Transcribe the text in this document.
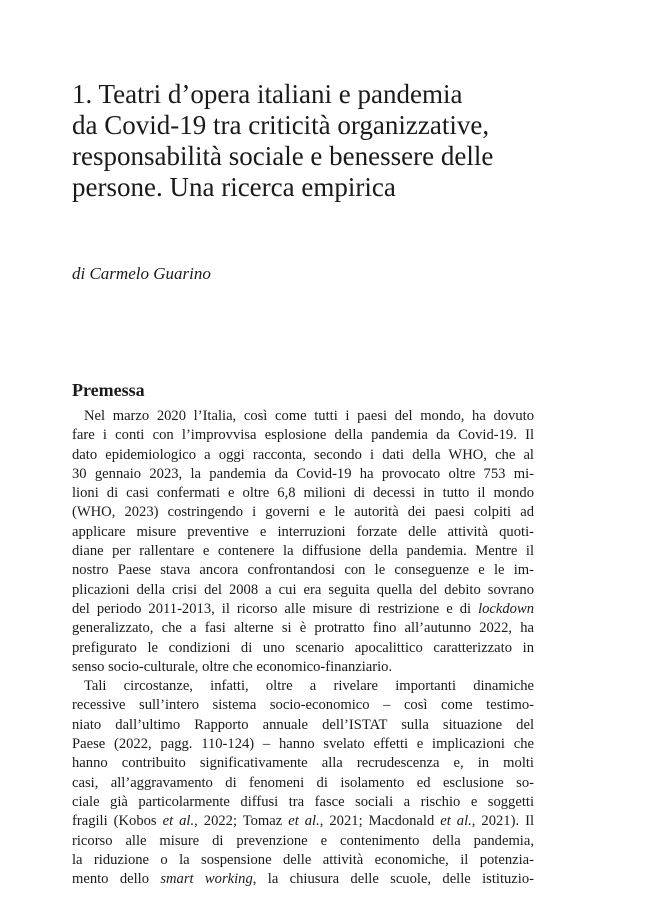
1. Teatri d’opera italiani e pandemia
da Covid-19 tra criticità organizzative,
responsabilità sociale e benessere delle
persone. Una ricerca empirica
di Carmelo Guarino
Premessa
Nel marzo 2020 l’Italia, così come tutti i paesi del mondo, ha dovuto
fare i conti con l’improvvisa esplosione della pandemia da Covid-19. Il
dato epidemiologico a oggi racconta, secondo i dati della WHO, che al
30 gennaio 2023, la pandemia da Covid-19 ha provocato oltre 753 mi-
lioni di casi confermati e oltre 6,8 milioni di decessi in tutto il mondo
(WHO, 2023) costringendo i governi e le autorità dei paesi colpiti ad
applicare misure preventive e interruzioni forzate delle attività quoti-
diane per rallentare e contenere la diffusione della pandemia. Mentre il
nostro Paese stava ancora confrontandosi con le conseguenze e le im-
plicazioni della crisi del 2008 a cui era seguita quella del debito sovrano
del periodo 2011-2013, il ricorso alle misure di restrizione e di lockdown
generalizzato, che a fasi alterne si è protratto fino all’autunno 2022, ha
prefigurato le condizioni di uno scenario apocalittico caratterizzato in
senso socio-culturale, oltre che economico-finanziario.
Tali circostanze, infatti, oltre a rivelare importanti dinamiche
recessive sull’intero sistema socio-economico – così come testimo-
niato dall’ultimo Rapporto annuale dell’ISTAT sulla situazione del
Paese (2022, pagg. 110-124) – hanno svelato effetti e implicazioni che
hanno contribuito significativamente alla recrudescenza e, in molti
casi, all’aggravamento di fenomeni di isolamento ed esclusione so-
ciale già particolarmente diffusi tra fasce sociali a rischio e soggetti
fragili (Kobos et al., 2022; Tomaz et al., 2021; Macdonald et al., 2021). Il
ricorso alle misure di prevenzione e contenimento della pandemia,
la riduzione o la sospensione delle attività economiche, il potenzia-
mento dello smart working, la chiusura delle scuole, delle istituzio-
